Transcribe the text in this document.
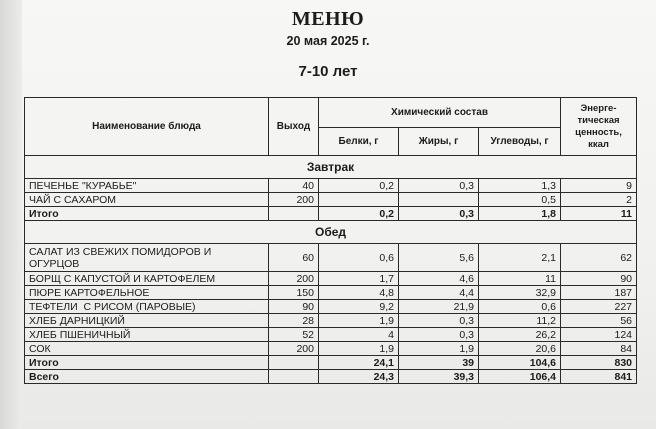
МЕНЮ
20 мая 2025 г.
7-10 лет
Наименование блюда	Выход	Химический состав			Энерге-тическая ценность, ккал
		Белки, г	Жиры, г	Углеводы, г	
Завтрак					
ПЕЧЕНЬЕ "КУРАБЬЕ"	40	0,2	0,3	1,3	9
ЧАЙ С САХАРОМ	200			0,5	2
Итого		0,2	0,3	1,8	11
Обед					
САЛАТ ИЗ СВЕЖИХ ПОМИДОРОВ И ОГУРЦОВ	60	0,6	5,6	2,1	62
БОРЩ С КАПУСТОЙ И КАРТОФЕЛЕМ	200	1,7	4,6	11	90
ПЮРЕ КАРТОФЕЛЬНОЕ	150	4,8	4,4	32,9	187
ТЕФТЕЛИ  С РИСОМ (ПАРОВЫЕ)	90	9,2	21,9	0,6	227
ХЛЕБ ДАРНИЦКИЙ	28	1,9	0,3	11,2	56
ХЛЕБ ПШЕНИЧНЫЙ	52	4	0,3	26,2	124
СОК	200	1,9	1,9	20,6	84
Итого		24,1	39	104,6	830
Всего		24,3	39,3	106,4	841
